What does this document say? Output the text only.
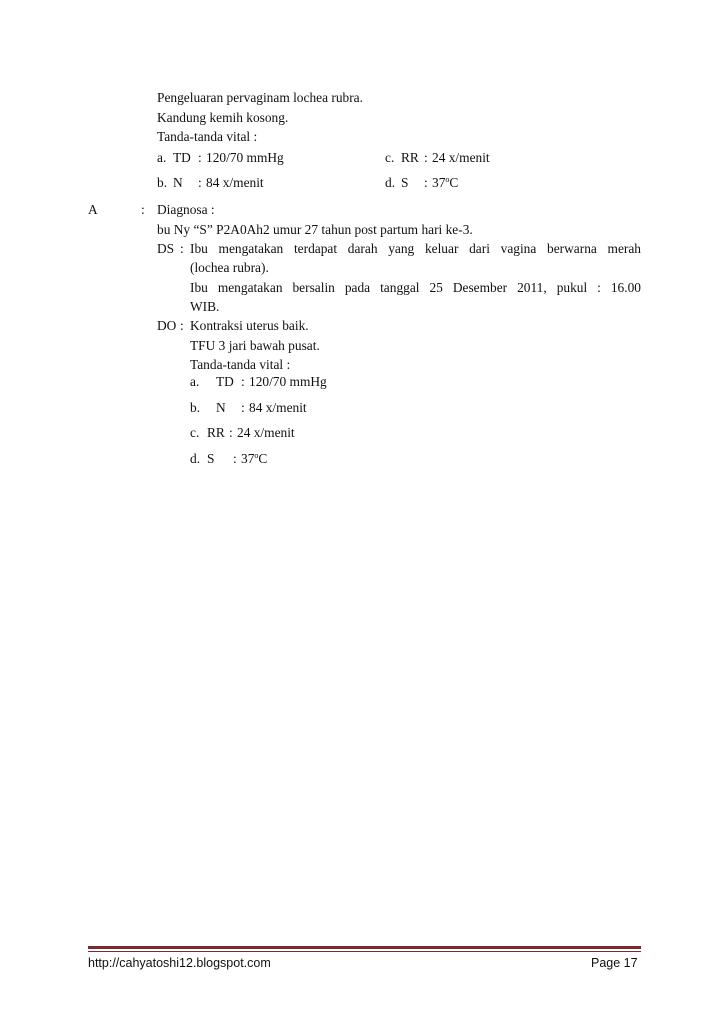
Pengeluaran pervaginam lochea rubra.
Kandung kemih kosong.
Tanda-tanda vital :
a. TD : 120/70 mmHg	c. RR : 24 x/menit
b. N : 84 x/menit	d. S : 37$^o$C
A	: Diagnosa :
bu Ny “S” P2A0Ah2 umur 27 tahun post partum hari ke-3.
DS : Ibu mengatakan terdapat darah yang keluar dari vagina berwarna merah
(lochea rubra).
Ibu mengatakan bersalin pada tanggal 25 Desember 2011, pukul : 16.00
WIB.
DO : Kontraksi uterus baik.
TFU 3 jari bawah pusat.
Tanda-tanda vital :
a. TD : 120/70 mmHg
b. N : 84 x/menit
c. RR : 24 x/menit
d. S : 37$^o$C
http://cahyatoshi12.blogspot.com	Page 17
